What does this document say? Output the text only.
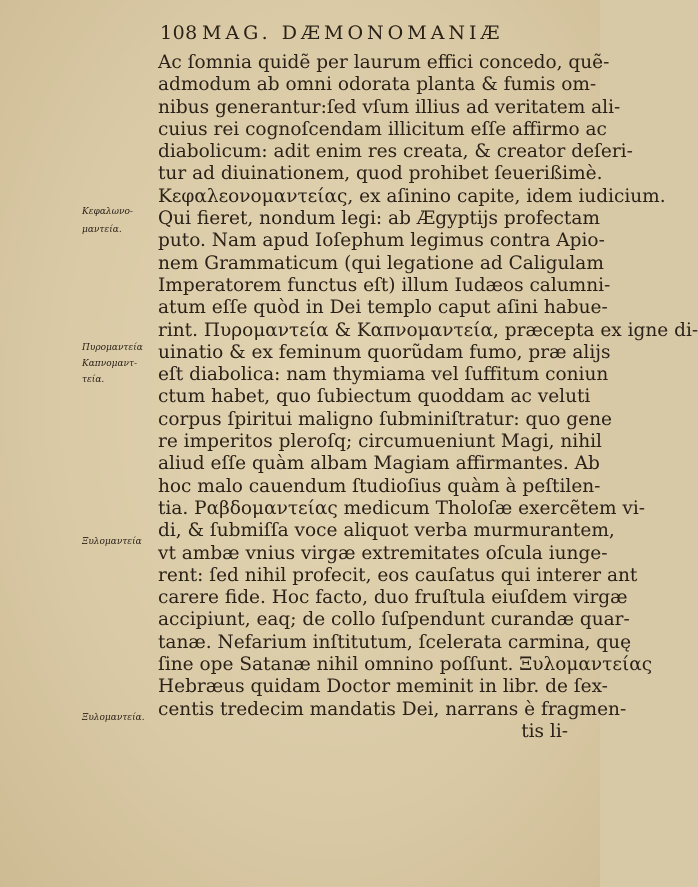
108 MAG. DÆMONOMANIÆ
Κεφαλωνο-
μαντεία.
Πυρομαντεία
Καπνομαντ-
τεία.
Ξυλομαντεία
Ξυλομαντεία.
Ac ſomnia quidẽ per laurum effici concedo, quẽ-
admodum ab omni odorata planta & fumis om-
nibus generantur:ſed vſum illius ad veritatem ali-
cuius rei cognoſcendam illicitum eſſe affirmo ac
diabolicum: adit enim res creata, & creator deſeri-
tur ad diuinationem, quod prohibet ſeuerißimè.
Κεφαλεονομαντείας, ex aſinino capite, idem iudicium.
Qui fieret, nondum legi: ab Ægyptijs profectam
puto. Nam apud Ioſephum legimus contra Apio-
nem Grammaticum (qui legatione ad Caligulam
Imperatorem functus eſt) illum Iudæos calumni-
atum eſſe quòd in Dei templo caput aſini habue-
rint. Πυρομαντεία & Καπνομαντεία, præcepta ex igne di-
uinatio & ex feminum quorũdam fumo, præ alijs
eſt diabolica: nam thymiama vel ſuffitum coniun
ctum habet, quo ſubiectum quoddam ac veluti
corpus ſpiritui maligno ſubminiſtratur: quo gene
re imperitos pleroſq; circumueniunt Magi, nihil
aliud eſſe quàm albam Magiam affirmantes. Ab
hoc malo cauendum ſtudioſius quàm à peſtilen-
tia. Ραβδομαντείας medicum Tholoſæ exercẽtem vi-
di, & ſubmiſſa voce aliquot verba murmurantem,
vt ambæ vnius virgæ extremitates oſcula iunge-
rent: ſed nihil profecit, eos cauſatus qui interer ant
carere fide. Hoc facto, duo fruſtula eiuſdem virgæ
accipiunt, eaq; de collo ſuſpendunt curandæ quar-
tanæ. Nefarium inſtitutum, ſcelerata carmina, quę
ſine ope Satanæ nihil omnino poſſunt. Ξυλομαντείας
Hebræus quidam Doctor meminit in libr. de ſex-
centis tredecim mandatis Dei, narrans è fragmen-
tis li-
